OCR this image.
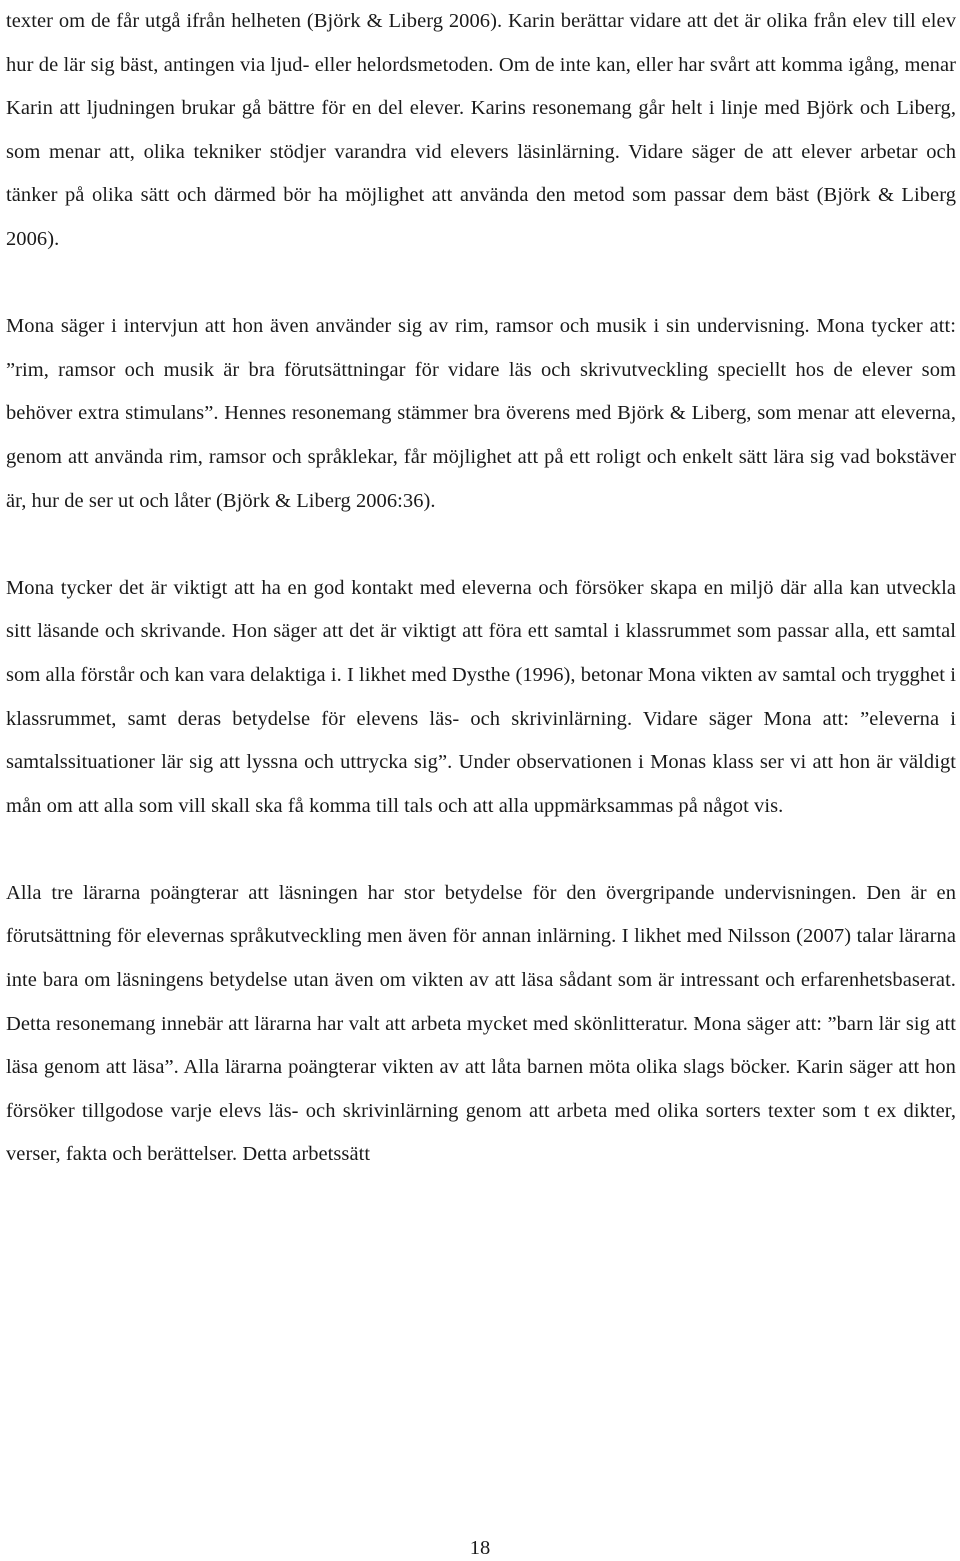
texter om de får utgå ifrån helheten (Björk & Liberg 2006). Karin berättar vidare att det är olika från elev till elev hur de lär sig bäst, antingen via ljud- eller helordsmetoden. Om de inte kan, eller har svårt att komma igång, menar Karin att ljudningen brukar gå bättre för en del elever. Karins resonemang går helt i linje med Björk och Liberg, som menar att, olika tekniker stödjer varandra vid elevers läsinlärning. Vidare säger de att elever arbetar och tänker på olika sätt och därmed bör ha möjlighet att använda den metod som passar dem bäst (Björk & Liberg 2006).

Mona säger i intervjun att hon även använder sig av rim, ramsor och musik i sin undervisning. Mona tycker att: ”rim, ramsor och musik är bra förutsättningar för vidare läs och skrivutveckling speciellt hos de elever som behöver extra stimulans”. Hennes resonemang stämmer bra överens med Björk & Liberg, som menar att eleverna, genom att använda rim, ramsor och språklekar, får möjlighet att på ett roligt och enkelt sätt lära sig vad bokstäver är, hur de ser ut och låter (Björk & Liberg 2006:36).

Mona tycker det är viktigt att ha en god kontakt med eleverna och försöker skapa en miljö där alla kan utveckla sitt läsande och skrivande. Hon säger att det är viktigt att föra ett samtal i klassrummet som passar alla, ett samtal som alla förstår och kan vara delaktiga i. I likhet med Dysthe (1996), betonar Mona vikten av samtal och trygghet i klassrummet, samt deras betydelse för elevens läs- och skrivinlärning. Vidare säger Mona att: ”eleverna i samtalssituationer lär sig att lyssna och uttrycka sig”. Under observationen i Monas klass ser vi att hon är väldigt mån om att alla som vill skall ska få komma till tals och att alla uppmärksammas på något vis.

Alla tre lärarna poängterar att läsningen har stor betydelse för den övergripande undervisningen. Den är en förutsättning för elevernas språkutveckling men även för annan inlärning. I likhet med Nilsson (2007) talar lärarna inte bara om läsningens betydelse utan även om vikten av att läsa sådant som är intressant och erfarenhetsbaserat. Detta resonemang innebär att lärarna har valt att arbeta mycket med skönlitteratur. Mona säger att: ”barn lär sig att läsa genom att läsa”. Alla lärarna poängterar vikten av att låta barnen möta olika slags böcker. Karin säger att hon försöker tillgodose varje elevs läs- och skrivinlärning genom att arbeta med olika sorters texter som t ex dikter, verser, fakta och berättelser. Detta arbetssätt

18
